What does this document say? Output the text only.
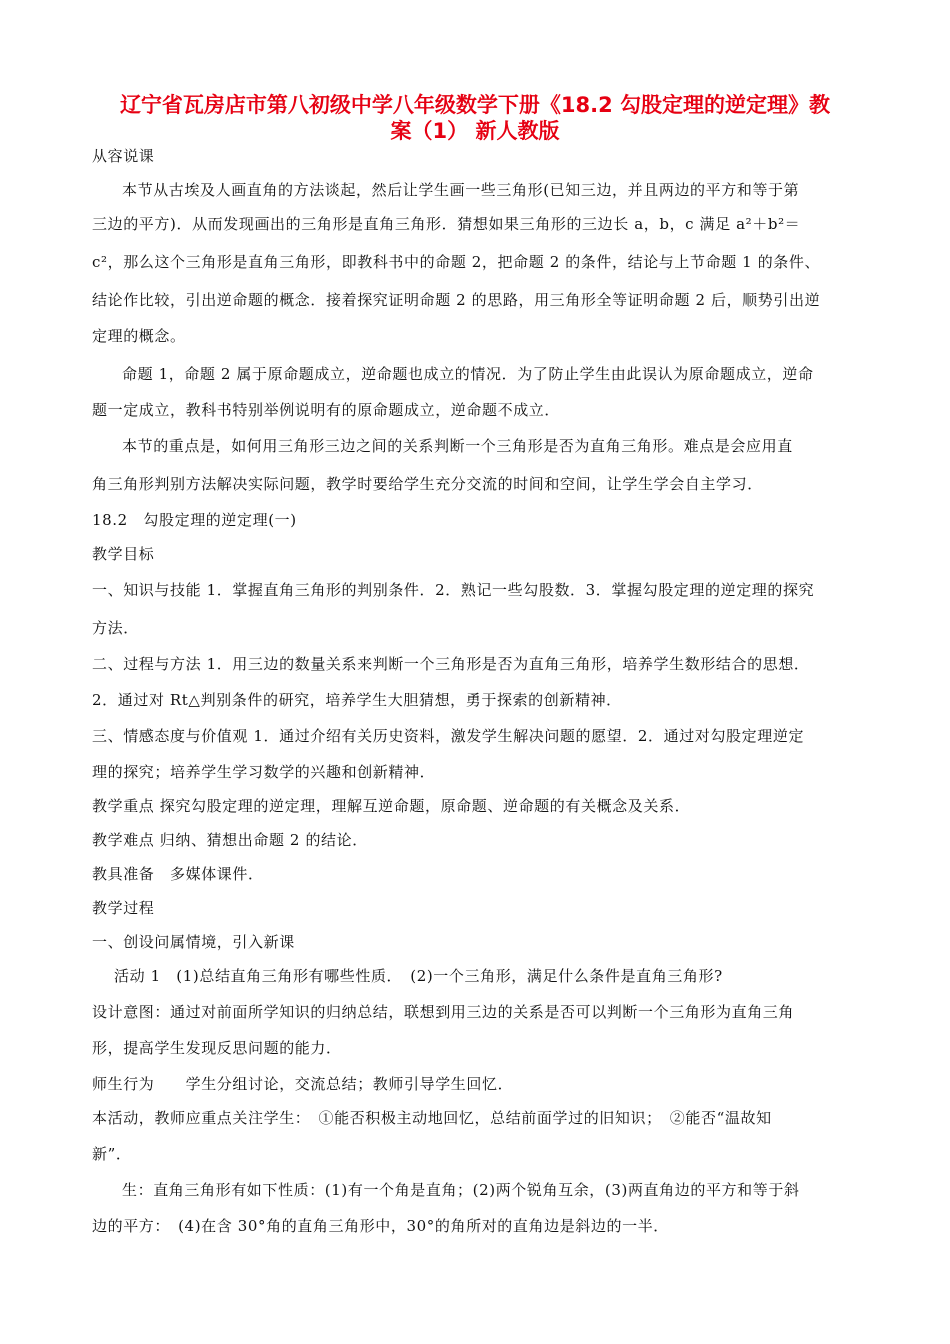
辽宁省瓦房店市第八初级中学八年级数学下册《18.2 勾股定理的逆定理》教
案（1） 新人教版
从容说课
本节从古埃及人画直角的方法谈起，然后让学生画一些三角形(已知三边，并且两边的平方和等于第
三边的平方)．从而发现画出的三角形是直角三角形．猜想如果三角形的三边长 a，b，c 满足 a²＋b²＝
c²，那么这个三角形是直角三角形，即教科书中的命题 2，把命题 2 的条件，结论与上节命题 1 的条件、
结论作比较，引出逆命题的概念．接着探究证明命题 2 的思路，用三角形全等证明命题 2 后，顺势引出逆
定理的概念。
命题 1，命题 2 属于原命题成立，逆命题也成立的情况．为了防止学生由此误认为原命题成立，逆命
题一定成立，教科书特别举例说明有的原命题成立，逆命题不成立．
本节的重点是，如何用三角形三边之间的关系判断一个三角形是否为直角三角形。难点是会应用直
角三角形判别方法解决实际问题，教学时要给学生充分交流的时间和空间，让学生学会自主学习．
18.2　勾股定理的逆定理(一)
教学目标
一、知识与技能 1．掌握直角三角形的判别条件．2．熟记一些勾股数．3．掌握勾股定理的逆定理的探究
方法．
二、过程与方法 1．用三边的数量关系来判断一个三角形是否为直角三角形，培养学生数形结合的思想．
2．通过对 Rt△判别条件的研究，培养学生大胆猜想，勇于探索的创新精神．
三、情感态度与价值观 1．通过介绍有关历史资料，激发学生解决问题的愿望．2．通过对勾股定理逆定
理的探究；培养学生学习数学的兴趣和创新精神．
教学重点 探究勾股定理的逆定理，理解互逆命题，原命题、逆命题的有关概念及关系．
教学难点 归纳、猜想出命题 2 的结论．
教具准备　多媒体课件．
教学过程
一、创设问属情境，引入新课
活动 1　(1)总结直角三角形有哪些性质．　(2)一个三角形，满足什么条件是直角三角形?
设计意图：通过对前面所学知识的归纳总结，联想到用三边的关系是否可以判断一个三角形为直角三角
形，提高学生发现反思问题的能力．
师生行为　　学生分组讨论，交流总结；教师引导学生回忆．
本活动，教师应重点关注学生：　①能否积极主动地回忆，总结前面学过的旧知识；　②能否“温故知
新”．
生：直角三角形有如下性质：(1)有一个角是直角；(2)两个锐角互余，(3)两直角边的平方和等于斜
边的平方：　(4)在含 30°角的直角三角形中，30°的角所对的直角边是斜边的一半．
